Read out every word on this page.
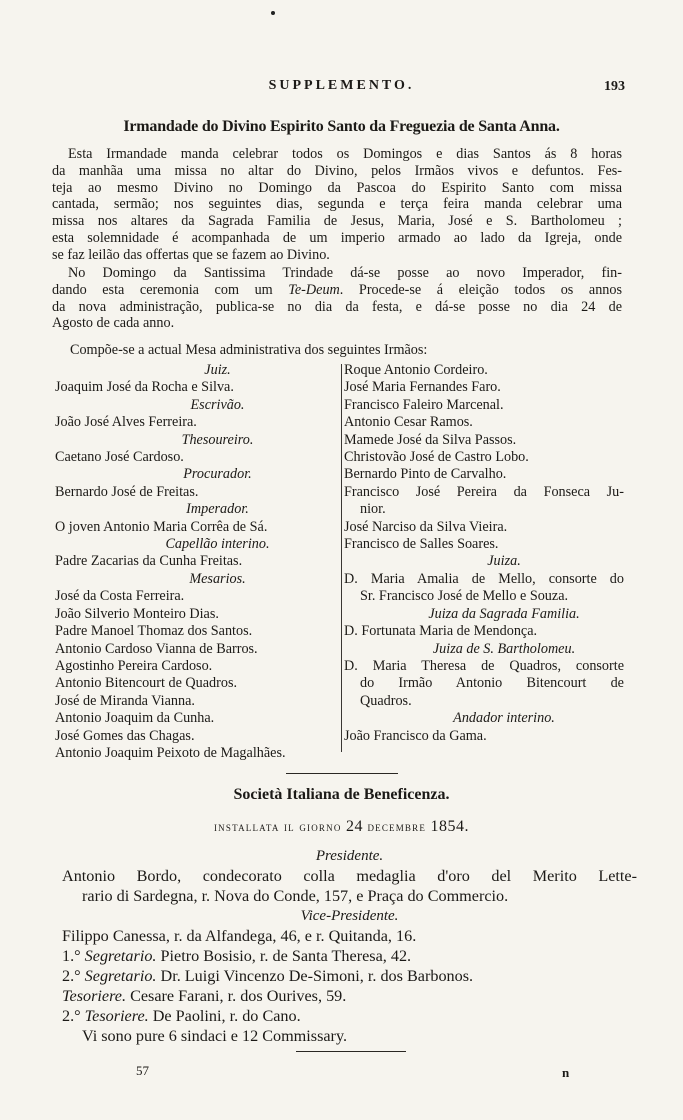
SUPPLEMENTO.	193
Irmandade do Divino Espirito Santo da Freguezia de Santa Anna.
Esta Irmandade manda celebrar todos os Domingos e dias Santos ás 8 horas
da manhãa uma missa no altar do Divino, pelos Irmãos vivos e defuntos. Fes-
teja ao mesmo Divino no Domingo da Pascoa do Espirito Santo com missa
cantada, sermão; nos seguintes dias, segunda e terça feira manda celebrar uma
missa nos altares da Sagrada Familia de Jesus, Maria, José e S. Bartholomeu ;
esta solemnidade é acompanhada de um imperio armado ao lado da Igreja, onde
se faz leilão das offertas que se fazem ao Divino.
No Domingo da Santissima Trindade dá-se posse ao novo Imperador, fin-
dando esta ceremonia com um Te-Deum. Procede-se á eleição todos os annos
da nova administração, publica-se no dia da festa, e dá-se posse no dia 24 de
Agosto de cada anno.
Compõe-se a actual Mesa administrativa dos seguintes Irmãos:
Juiz.
Joaquim José da Rocha e Silva.
Escrivão.
João José Alves Ferreira.
Thesoureiro.
Caetano José Cardoso.
Procurador.
Bernardo José de Freitas.
Imperador.
O joven Antonio Maria Corrêa de Sá.
Capellão interino.
Padre Zacarias da Cunha Freitas.
Mesarios.
José da Costa Ferreira.
João Silverio Monteiro Dias.
Padre Manoel Thomaz dos Santos.
Antonio Cardoso Vianna de Barros.
Agostinho Pereira Cardoso.
Antonio Bitencourt de Quadros.
José de Miranda Vianna.
Antonio Joaquim da Cunha.
José Gomes das Chagas.
Antonio Joaquim Peixoto de Magalhães.
Roque Antonio Cordeiro.
José Maria Fernandes Faro.
Francisco Faleiro Marcenal.
Antonio Cesar Ramos.
Mamede José da Silva Passos.
Christovão José de Castro Lobo.
Bernardo Pinto de Carvalho.
Francisco José Pereira da Fonseca Ju-
nior.
José Narciso da Silva Vieira.
Francisco de Salles Soares.
Juiza.
D. Maria Amalia de Mello, consorte do
Sr. Francisco José de Mello e Souza.
Juiza da Sagrada Familia.
D. Fortunata Maria de Mendonça.
Juiza de S. Bartholomeu.
D. Maria Theresa de Quadros, consorte
do Irmão Antonio Bitencourt de
Quadros.
Andador interino.
João Francisco da Gama.
Società Italiana de Beneficenza.
installata il giorno 24 decembre 1854.
Presidente.
Antonio Bordo, condecorato colla medaglia d'oro del Merito Lette-
rario di Sardegna, r. Nova do Conde, 157, e Praça do Commercio.
Vice-Presidente.
Filippo Canessa, r. da Alfandega, 46, e r. Quitanda, 16.
1.° Segretario. Pietro Bosisio, r. de Santa Theresa, 42.
2.° Segretario. Dr. Luigi Vincenzo De-Simoni, r. dos Barbonos.
Tesoriere. Cesare Farani, r. dos Ourives, 59.
2.° Tesoriere. De Paolini, r. do Cano.
Vi sono pure 6 sindaci e 12 Commissary.
57	n
